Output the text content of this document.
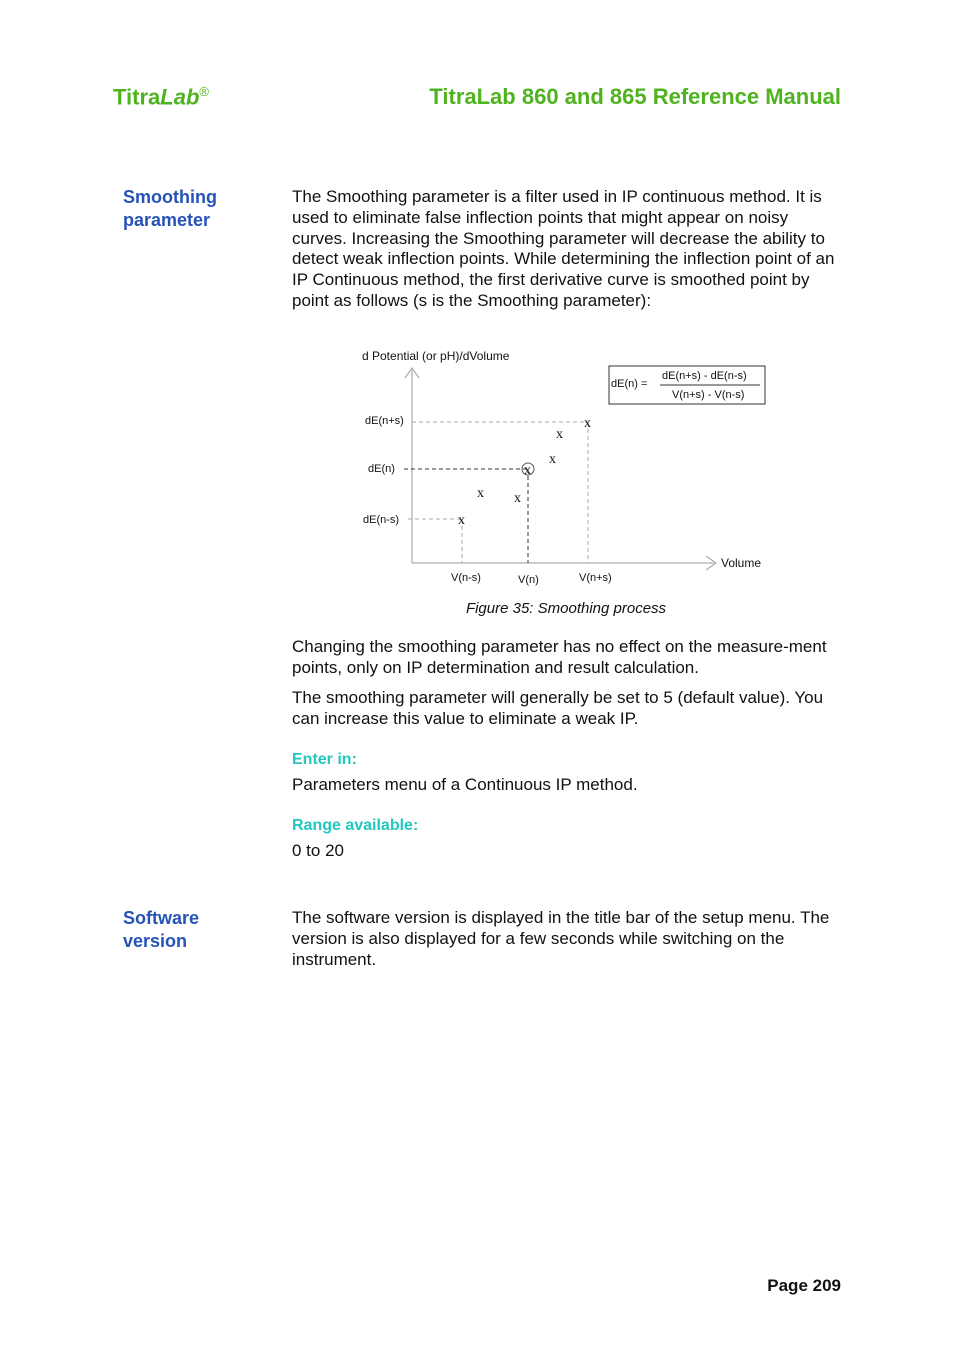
TitraLab®	TitraLab 860 and 865 Reference Manual
Smoothing
parameter

The Smoothing parameter is a filter used in IP continuous method. It is used to eliminate false inflection points that might appear on noisy curves. Increasing the Smoothing parameter will decrease the ability to detect weak inflection points. While determining the inflection point of an IP Continuous method, the first derivative curve is smoothed point by point as follows (s is the Smoothing parameter):

d Potential (or pH)/dVolume
Volume
dE(n) =
dE(n+s) - dE(n-s)
V(n+s) - V(n-s)
dE(n+s)
dE(n)
dE(n-s)
V(n-s)	V(n)	V(n+s)
x
x x
x
x
x
x
Figure 35: Smoothing process

Changing the smoothing parameter has no effect on the measure-ment points, only on IP determination and result calculation.

The smoothing parameter will generally be set to 5 (default value). You can increase this value to eliminate a weak IP.

Enter in:

Parameters menu of a Continuous IP method.

Range available:

0 to 20

Software
version

The software version is displayed in the title bar of the setup menu. The version is also displayed for a few seconds while switching on the instrument.

Page 209
